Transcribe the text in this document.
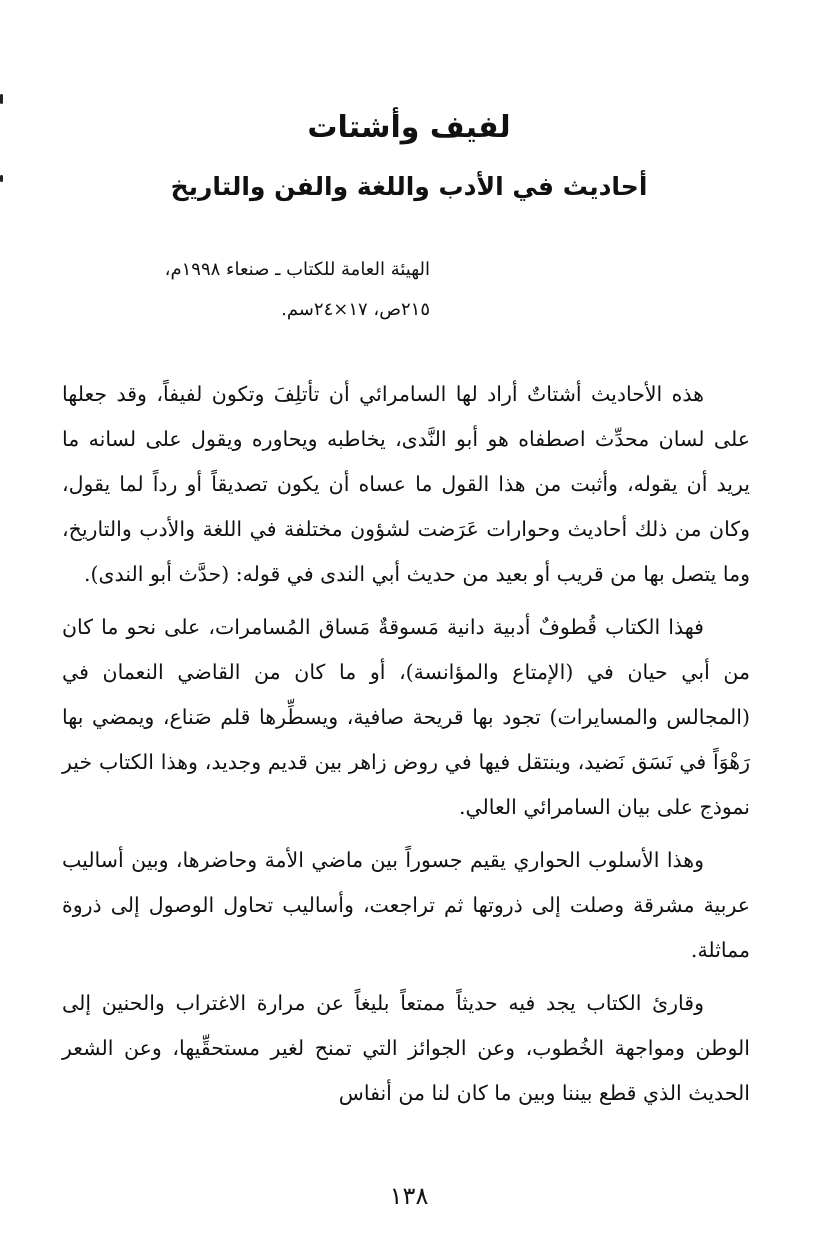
لفيف وأشتات
أحاديث في الأدب واللغة والفن والتاريخ
الهيئة العامة للكتاب ـ صنعاء ١٩٩٨م،
٢١٥ص، ١٧×٢٤سم.

هذه الأحاديث أشتاتٌ أراد لها السامرائي أن تأتلِفَ وتكون لفيفاً، وقد جعلها على لسان محدِّث اصطفاه هو أبو النَّدى، يخاطبه ويحاوره ويقول على لسانه ما يريد أن يقوله، وأثبت من هذا القول ما عساه أن يكون تصديقاً أو رداً لما يقول، وكان من ذلك أحاديث وحوارات عَرَضت لشؤون مختلفة في اللغة والأدب والتاريخ، وما يتصل بها من قريب أو بعيد من حديث أبي الندى في قوله: (حدَّث أبو الندى).

فهذا الكتاب قُطوفٌ أدبية دانية مَسوقةٌ مَساق المُسامرات، على نحو ما كان من أبي حيان في (الإمتاع والمؤانسة)، أو ما كان من القاضي النعمان في (المجالس والمسايرات) تجود بها قريحة صافية، ويسطِّرها قلم صَناع، ويمضي بها رَهْوَاً في نَسَق نَضيد، وينتقل فيها في روض زاهر بين قديم وجديد، وهذا الكتاب خير نموذج على بيان السامرائي العالي.

وهذا الأسلوب الحواري يقيم جسوراً بين ماضي الأمة وحاضرها، وبين أساليب عربية مشرقة وصلت إلى ذروتها ثم تراجعت، وأساليب تحاول الوصول إلى ذروة مماثلة.

وقارئ الكتاب يجد فيه حديثاً ممتعاً بليغاً عن مرارة الاغتراب والحنين إلى الوطن ومواجهة الخُطوب، وعن الجوائز التي تمنح لغير مستحقِّيها، وعن الشعر الحديث الذي قطع بيننا وبين ما كان لنا من أنفاس

١٣٨
